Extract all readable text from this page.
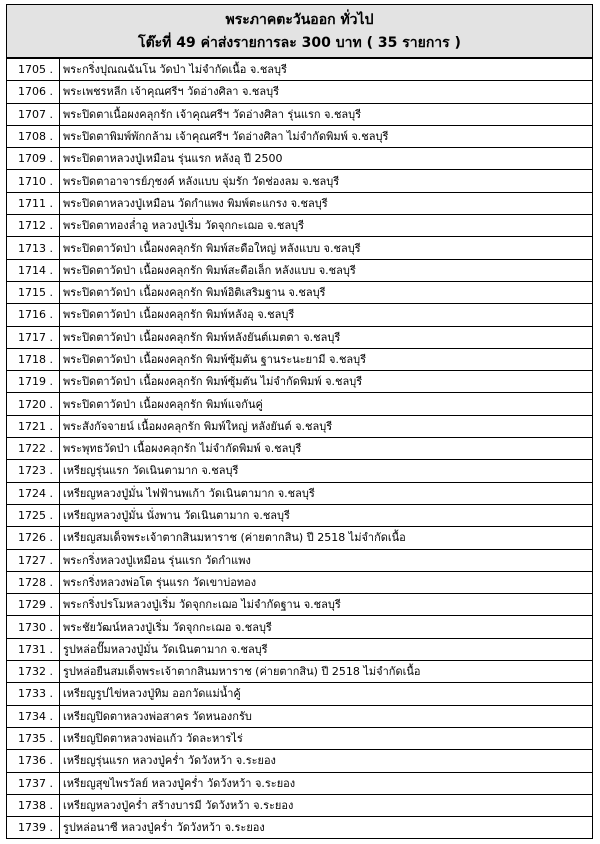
พระภาคตะวันออก ทั่วไป
โต๊ะที่ 49 ค่าส่งรายการละ 300 บาท ( 35 รายการ )
1705 .	พระกริ่งปุณณฉันโน วัดป่า ไม่จำกัดเนื้อ จ.ชลบุรี
1706 .	พระเพชรหลีก เจ้าคุณศรีฯ วัดอ่างศิลา จ.ชลบุรี
1707 .	พระปิดตาเนื้อผงคลุกรัก เจ้าคุณศรีฯ วัดอ่างศิลา รุ่นแรก จ.ชลบุรี
1708 .	พระปิดตาพิมพ์พักกล้าม เจ้าคุณศรีฯ วัดอ่างศิลา ไม่จำกัดพิมพ์ จ.ชลบุรี
1709 .	พระปิดตาหลวงปู่เหมือน รุ่นแรก หลังอุ ปี 2500
1710 .	พระปิดตาอาจารย์ภุชงค์ หลังแบบ จุ่มรัก วัดช่องลม จ.ชลบุรี
1711 .	พระปิดตาหลวงปู่เหมือน วัดกำแพง พิมพ์ตะแกรง จ.ชลบุรี
1712 .	พระปิดตาทองล่ำอู หลวงปู่เริ่ม วัดจุกกะเฌอ จ.ชลบุรี
1713 .	พระปิดตาวัดป่า เนื้อผงคลุกรัก พิมพ์สะดือใหญ่ หลังแบบ จ.ชลบุรี
1714 .	พระปิดตาวัดป่า เนื้อผงคลุกรัก พิมพ์สะดือเล็ก หลังแบบ จ.ชลบุรี
1715 .	พระปิดตาวัดป่า เนื้อผงคลุกรัก พิมพ์อิติเสริมฐาน จ.ชลบุรี
1716 .	พระปิดตาวัดป่า เนื้อผงคลุกรัก พิมพ์หลังอุ จ.ชลบุรี
1717 .	พระปิดตาวัดป่า เนื้อผงคลุกรัก พิมพ์หลังยันต์เมตตา จ.ชลบุรี
1718 .	พระปิดตาวัดป่า เนื้อผงคลุกรัก พิมพ์ซุ้มตัน ฐานระนะยามี จ.ชลบุรี
1719 .	พระปิดตาวัดป่า เนื้อผงคลุกรัก พิมพ์ซุ้มตัน ไม่จำกัดพิมพ์ จ.ชลบุรี
1720 .	พระปิดตาวัดป่า เนื้อผงคลุกรัก พิมพ์แจกันคู่
1721 .	พระสังกัจจายน์ เนื้อผงคลุกรัก พิมพ์ใหญ่ หลังยันต์ จ.ชลบุรี
1722 .	พระพุทธวัดป่า เนื้อผงคลุกรัก ไม่จำกัดพิมพ์ จ.ชลบุรี
1723 .	เหรียญรุ่นแรก วัดเนินตามาก จ.ชลบุรี
1724 .	เหรียญหลวงปู่มั่น ไฟฟ้านพเก้า วัดเนินตามาก จ.ชลบุรี
1725 .	เหรียญหลวงปู่มั่น นั่งพาน วัดเนินตามาก จ.ชลบุรี
1726 .	เหรียญสมเด็จพระเจ้าตากสินมหาราช (ค่ายตากสิน) ปี 2518 ไม่จำกัดเนื้อ
1727 .	พระกริ่งหลวงปู่เหมือน รุ่นแรก วัดกำแพง
1728 .	พระกริ่งหลวงพ่อโต รุ่นแรก วัดเขาบ่อทอง
1729 .	พระกริ่งปรโมหลวงปู่เริ่ม วัดจุกกะเฌอ ไม่จำกัดฐาน จ.ชลบุรี
1730 .	พระชัยวัฒน์หลวงปู่เริ่ม วัดจุกกะเฌอ จ.ชลบุรี
1731 .	รูปหล่อปั๊มหลวงปู่มั่น วัดเนินตามาก จ.ชลบุรี
1732 .	รูปหล่อยืนสมเด็จพระเจ้าตากสินมหาราช (ค่ายตากสิน) ปี 2518 ไม่จำกัดเนื้อ
1733 .	เหรียญรูปไข่หลวงปู่ทิม ออกวัดแม่น้ำคู้
1734 .	เหรียญปิดตาหลวงพ่อสาคร วัดหนองกรับ
1735 .	เหรียญปิดตาหลวงพ่อแก้ว วัดละหารไร่
1736 .	เหรียญรุ่นแรก หลวงปู่คร่ำ วัดวังหว้า จ.ระยอง
1737 .	เหรียญสุขไพรวัลย์ หลวงปู่คร่ำ วัดวังหว้า จ.ระยอง
1738 .	เหรียญหลวงปู่คร่ำ สร้างบารมี วัดวังหว้า จ.ระยอง
1739 .	รูปหล่อนาซี หลวงปู่คร่ำ วัดวังหว้า จ.ระยอง
